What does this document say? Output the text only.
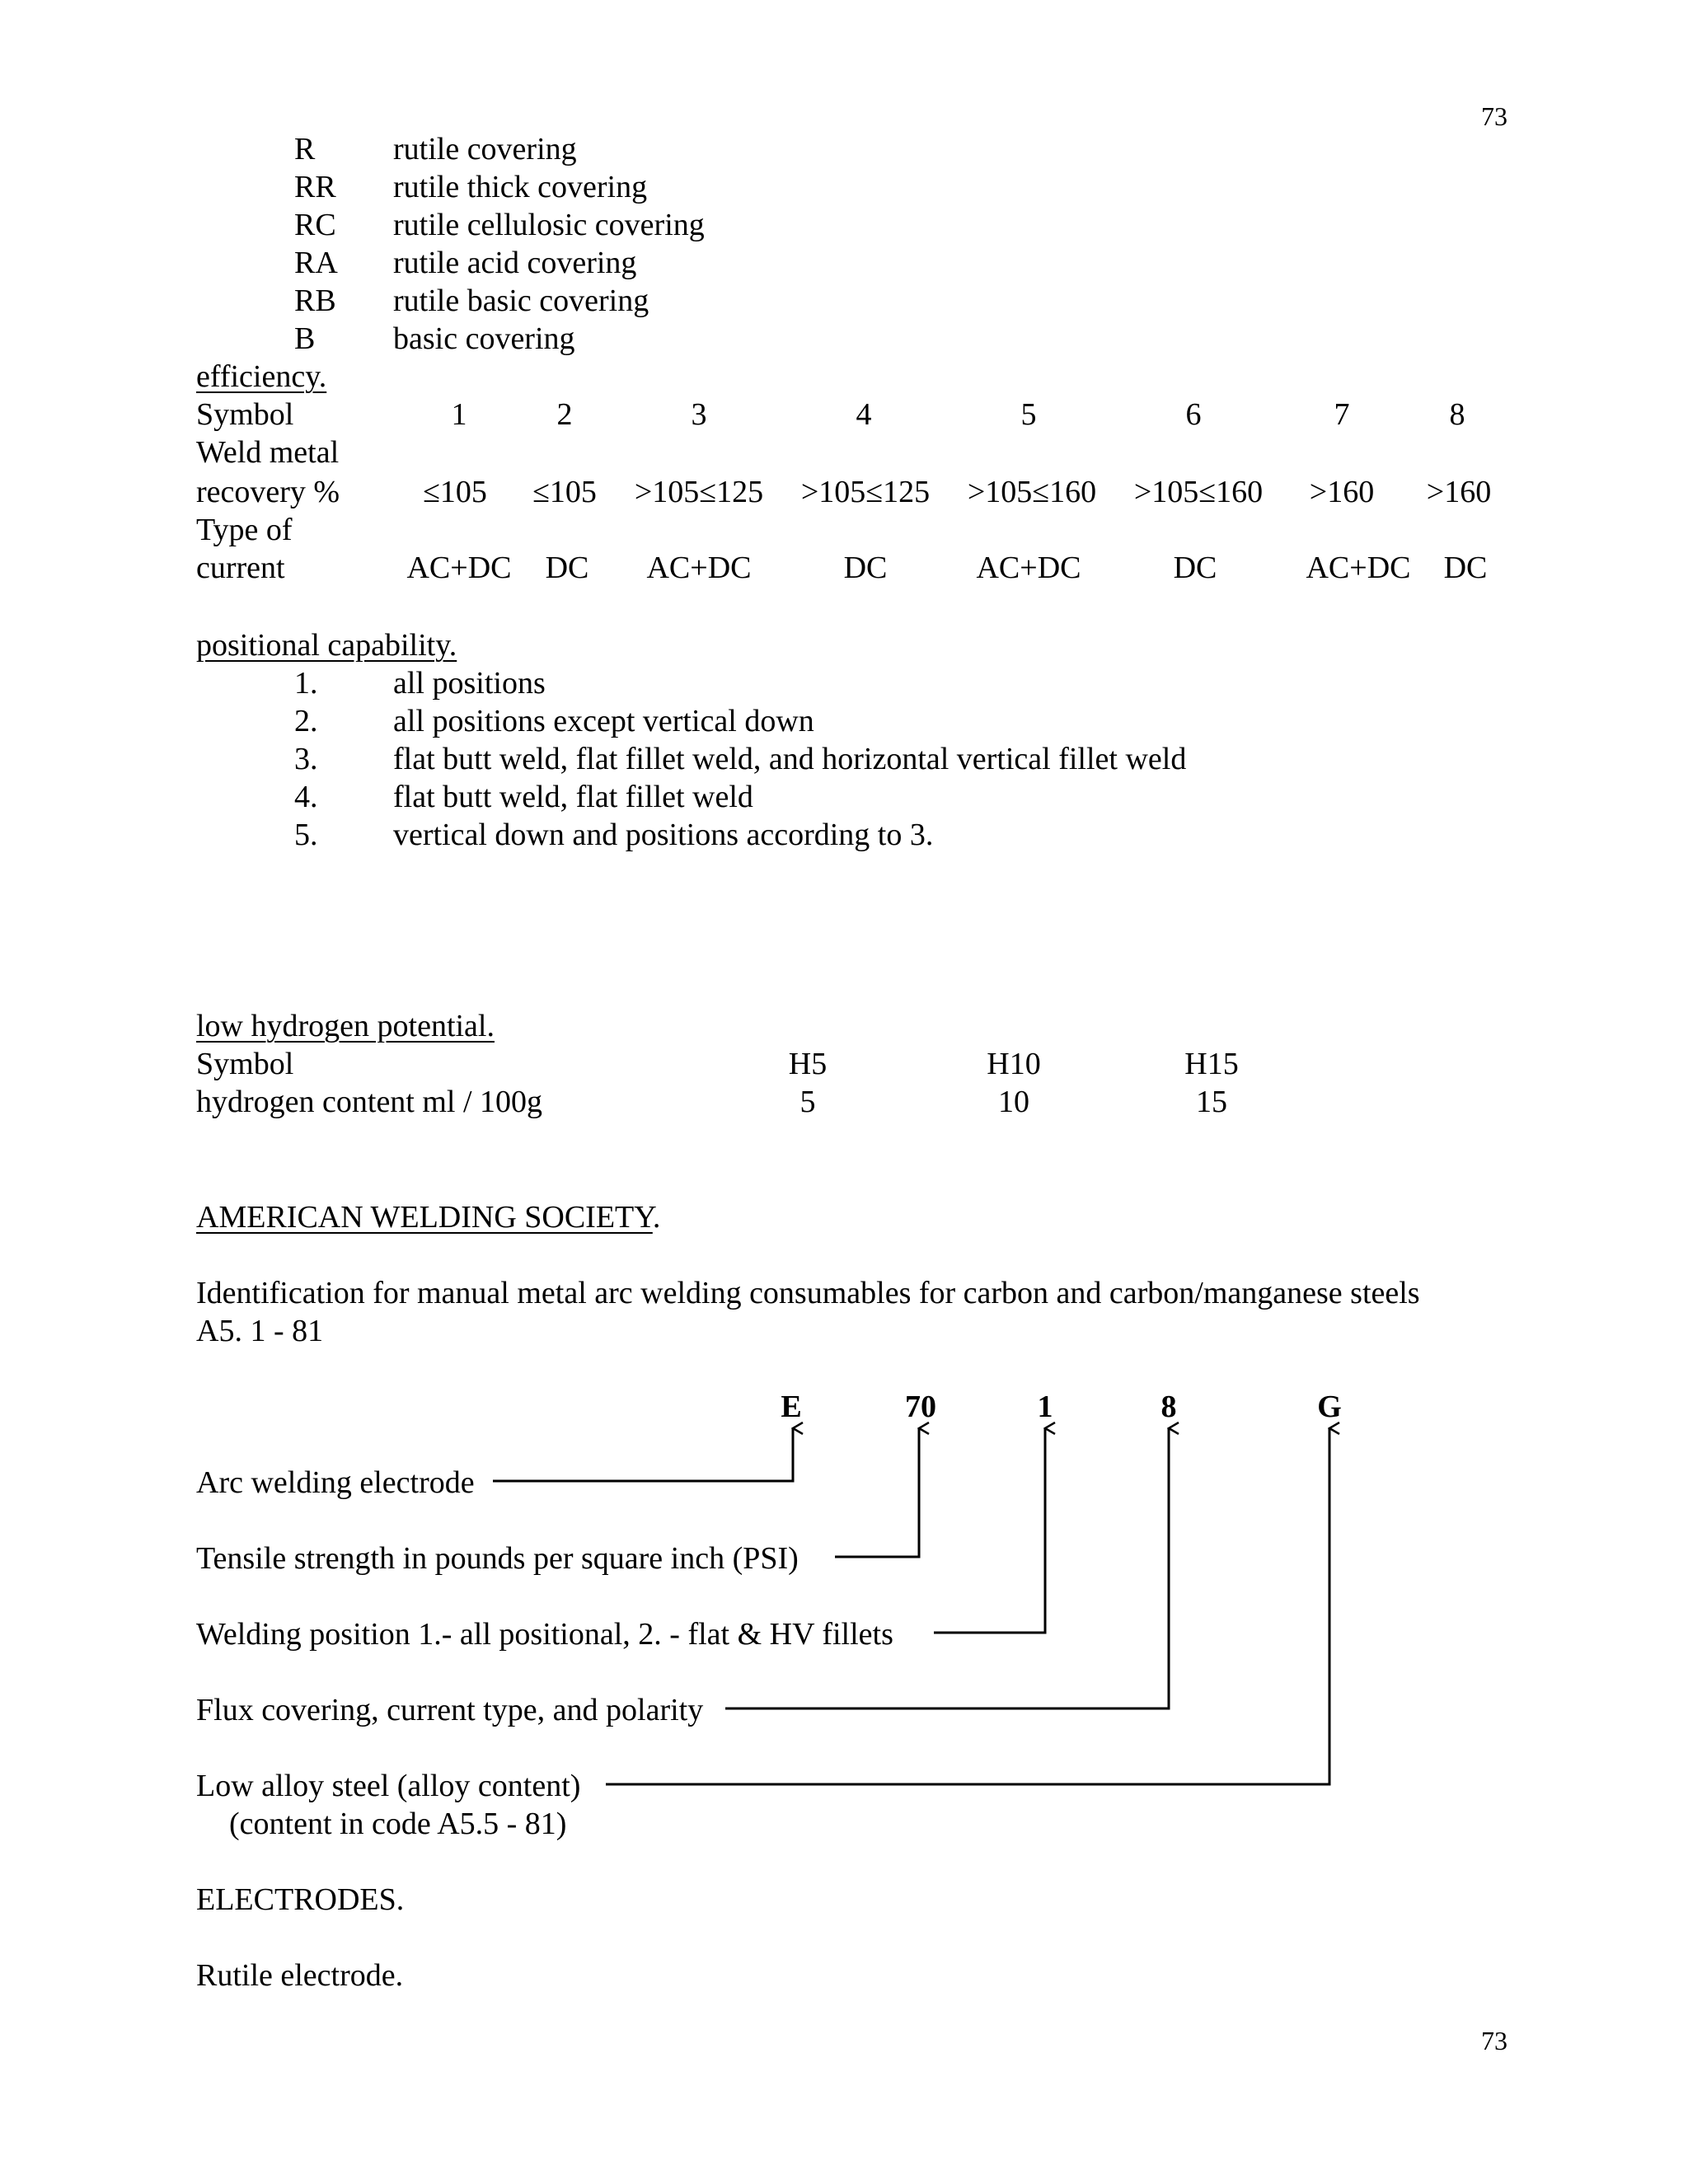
73
73
R rutile covering
RR rutile thick covering
RC rutile cellulosic covering
RA rutile acid covering
RB rutile basic covering
B basic covering
efficiency.
Symbol	1	2	3	4	5	6	7	8
Weld metal
recovery %	≤105	≤105	>105≤125	>105≤125	>105≤160	>105≤160	>160	>160
Type of
current	AC+DC	DC	AC+DC	DC	AC+DC	DC	AC+DC	DC
positional capability.
1. all positions
2. all positions except vertical down
3. flat butt weld, flat fillet weld, and horizontal vertical fillet weld
4. flat butt weld, flat fillet weld
5. vertical down and positions according to 3.
low hydrogen potential.
Symbol	H5	H10	H15
hydrogen content ml / 100g	5	10	15
AMERICAN WELDING SOCIETY.
Identification for manual metal arc welding consumables for carbon and carbon/manganese steels
A5. 1 - 81
E	70	1	8	G
Arc welding electrode
Tensile strength in pounds per square inch (PSI)
Welding position 1.- all positional, 2. - flat & HV fillets
Flux covering, current type, and polarity
Low alloy steel (alloy content)
(content in code A5.5 - 81)
ELECTRODES.
Rutile electrode.
